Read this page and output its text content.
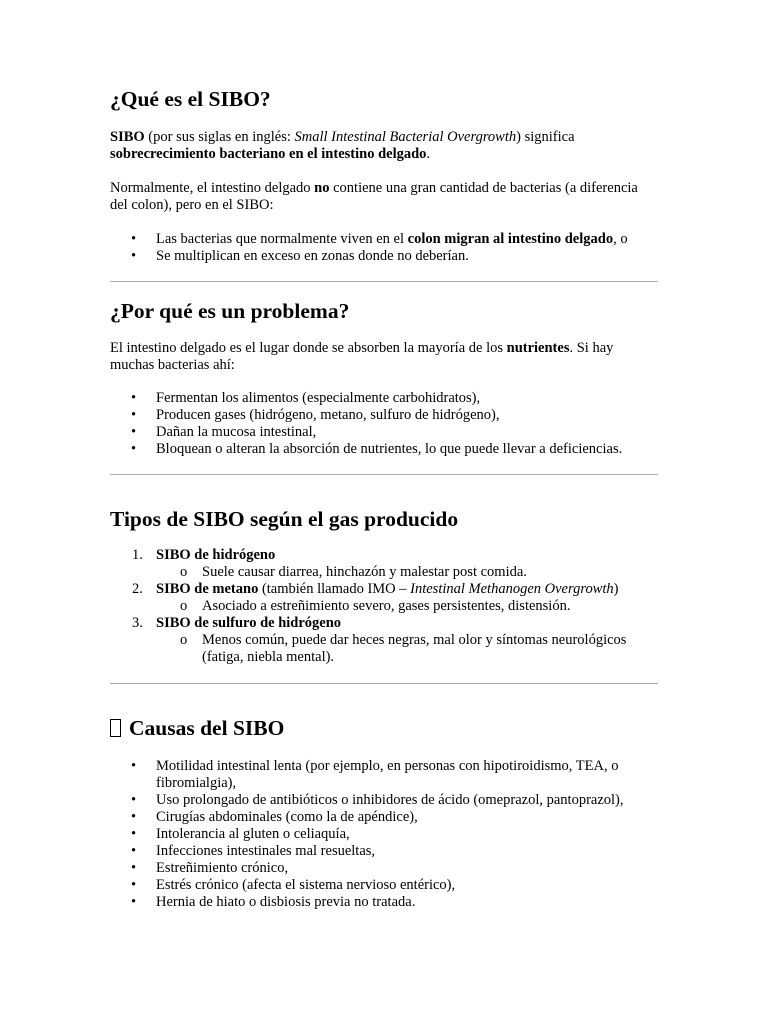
¿Qué es el SIBO?

SIBO (por sus siglas en inglés: Small Intestinal Bacterial Overgrowth) significa sobrecrecimiento bacteriano en el intestino delgado.

Normalmente, el intestino delgado no contiene una gran cantidad de bacterias (a diferencia del colon), pero en el SIBO:

• Las bacterias que normalmente viven en el colon migran al intestino delgado, o
• Se multiplican en exceso en zonas donde no deberían.
¿Por qué es un problema?

El intestino delgado es el lugar donde se absorben la mayoría de los nutrientes. Si hay muchas bacterias ahí:

• Fermentan los alimentos (especialmente carbohidratos),
• Producen gases (hidrógeno, metano, sulfuro de hidrógeno),
• Dañan la mucosa intestinal,
• Bloquean o alteran la absorción de nutrientes, lo que puede llevar a deficiencias.
Tipos de SIBO según el gas producido
1. SIBO de hidrógeno
o Suele causar diarrea, hinchazón y malestar post comida.
2. SIBO de metano (también llamado IMO – Intestinal Methanogen Overgrowth)
o Asociado a estreñimiento severo, gases persistentes, distensión.
3. SIBO de sulfuro de hidrógeno
o Menos común, puede dar heces negras, mal olor y síntomas neurológicos (fatiga, niebla mental).
Causas del SIBO
• Motilidad intestinal lenta (por ejemplo, en personas con hipotiroidismo, TEA, o fibromialgia),
• Uso prolongado de antibióticos o inhibidores de ácido (omeprazol, pantoprazol),
• Cirugías abdominales (como la de apéndice),
• Intolerancia al gluten o celiaquía,
• Infecciones intestinales mal resueltas,
• Estreñimiento crónico,
• Estrés crónico (afecta el sistema nervioso entérico),
• Hernia de hiato o disbiosis previa no tratada.
